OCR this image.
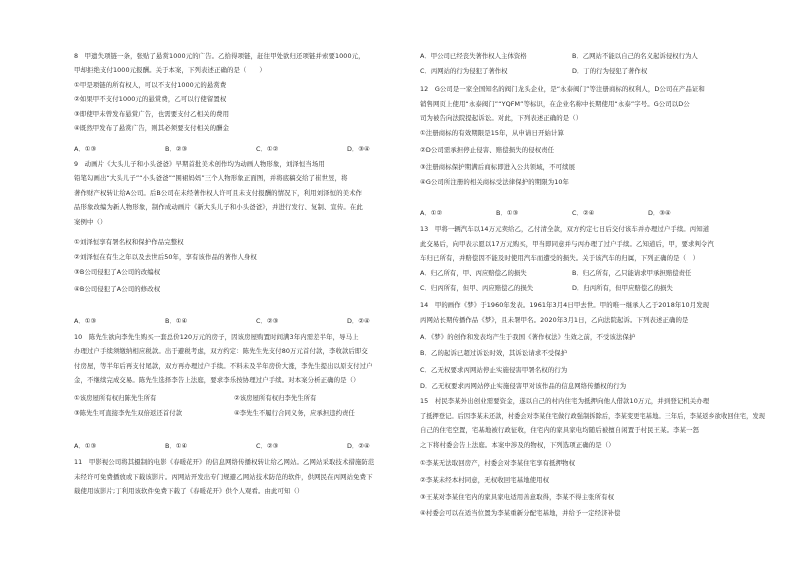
8　甲遗失项链一条，张贴了悬赏1000元的广告。乙拾得项链，赶往甲处欲归还项链并索要1000元，
甲却拒绝支付1000元报酬。关于本案，下列表述正确的是（　　）
①甲是项链的所有权人，可以不支付1000元的悬赏费
②如果甲不支付1000元的悬赏费，乙可以行使留置权
③即使甲未曾发布悬赏广告，也需要支付乙相关的费用
④既然甲发布了悬赏广告，则其必须要支付相关的酬金
A．①③	B．②③	C．①②	D．③④
9　动画片《大头儿子和小头爸爸》早期首批美术创作均为动画人物形象，刘泽恒当场用
铅笔勾画出“大头儿子”“小头爸爸”“围裙妈妈”三个人物形象正面图，并将底稿交给了崔世昱，将
著作财产权转让给A公司。后B公司在未经著作权人许可且未支付报酬的情况下，利用刘泽恒的美术作
品形象改编为新人物形象，制作成动画片《新大头儿子和小头爸爸》，并进行发行、复制、宣传。在此
案例中（）
①刘泽恒享有署名权和保护作品完整权
②刘泽恒在有生之年以及去世后50年，享有该作品的著作人身权
③B公司侵犯了A公司的改编权
④B公司侵犯了A公司的修改权
A．①③	B．①④	C．②③	D．②④
10　陈先生欲向李先生购买一套总价120万元的房子，因该房屋购置时间满3年内需差半年，导马上
办理过户手续须缴纳相应税款。出于避税考虑，双方约定：陈先生先支付80万元首付款，李收款后即交
付房屋，等半年后再支付尾款，双方再办理过户手续。不料未及半年房价大涨，李先生提出以原支付过户
金，不继续完成交易。陈先生选择李告上法庭，要求李乐按协理过户手续。对本案分析正确的是（）
①该房屋所有权归陈先生所有	②该房屋所有权归李先生所有
③陈先生可直接李先生双倍返还首付款	④李先生不履行合同义务，应承担违约责任
A．①③	B．①④	C．②③	D．②④
11　甲影视公司将其摄制的电影《春暖花开》的信息网络传播权转让给乙网站。乙网站采取技术措施防范
未经许可免费播放或下载该影片。丙网站开发出专门规避乙网站技术防范的软件，供网民在丙网站免费下
载使用该影片;丁利用该软件免费下载了《春暖花开》供个人观看。由此可知（）
A．甲公司已经丧失著作权人主体资格	B．乙网站不能以自己的名义起诉侵权行为人
C．丙网站的行为侵犯了著作权	D．丁的行为侵犯了著作权
12　G公司是一家全国知名的阀门龙头企业，是“永泰阀门”等注册商标的权利人，D公司在产品证和
销售网页上使用“永泰阀门”“YQFM”等标识，在企业名称中长期使用“永泰”字号。G公司以D公
司为被告向法院提起诉讼。对此，下列表述正确的是（）
①注册商标的有效期限是15年，从申请日开始计算
②D公司需承担停止侵害、赔偿损失的侵权责任
③注册商标保护期满后商标即进入公共领域，不可续展
④G公司所注册的相关商标受法律保护的期限为10年
A．①②	B．①③	C．②④	D．③④
13　甲将一辆汽车以14万元卖给乙，乙付清全款，双方约定七日后交付该车并办理过户手续。丙知道
此交易后，向甲表示愿以17万元购买，甲当即同意并与丙办理了过户手续。乙知道后，甲，要求判令汽
车归已所有，并赔偿因不能及时使用汽车而遭受的损失。关于该汽车的归属，下列正确的是（　）
A．归乙所有，甲、丙应赔偿乙的损失	B．归乙所有，乙只能请求甲承担赔偿责任
C．归丙所有，但甲、丙应赔偿乙的损失	D．归丙所有，但甲应赔偿乙的损失
14　甲的画作《梦》于1960年发表。1961年3月4日甲去世。甲的唯一继承人乙于2018年10月发现
丙网站长期传播作品《梦》，且未署甲名。2020年3月1日，乙向法院起诉。下列表述正确的是
A．《梦》的创作和发表均产生于我国《著作权法》生效之前，不受该法保护
B．乙的起诉已超过诉讼时效，其诉讼请求不受保护
C．乙无权要求丙网站停止实施侵害甲署名权的行为
D．乙无权要求丙网站停止实施侵害甲对该作品的信息网络传播权的行为
15　村民李某外出创业需要资金，遂以自己的村内住宅为抵押向他人借款10万元，并到登记机关办理
了抵押登记。后因李某未还款，村委会对李某住宅做行政强制拆除后，李某变更宅基地。三年后，李某返乡欲收回住宅，发现
自己的住宅空置，宅基地被行政征收，住宅内的家具家电均随后被擅自闲置于村民王某。李某一怒
之下将村委会告上法庭。本案中涉及的物权，下列选项正确的是（）
①李某无法取回房产，村委会对李某住宅享有抵押物权
②李某未经本村同意，无权收回宅基地使用权
③王某对李某住宅内的家具家电适用善意取得，李某不得主张所有权
④村委会可以在适当位置为李某重新分配宅基地，并给予一定经济补偿
